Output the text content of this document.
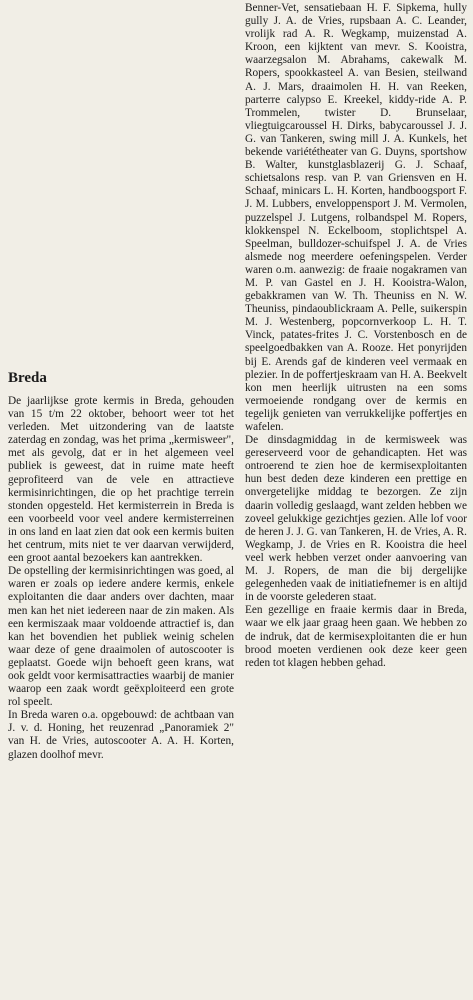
Breda

De jaarlijkse grote kermis in Breda, gehouden van 15 t/m 22 oktober, behoort weer tot het verleden. Met uitzondering van de laatste zaterdag en zondag, was het prima „kermisweer", met als gevolg, dat er in het algemeen veel publiek is geweest, dat in ruime mate heeft geprofiteerd van de vele en attractieve kermisinrichtingen, die op het prachtige terrein stonden opgesteld. Het kermisterrein in Breda is een voorbeeld voor veel andere kermisterreinen in ons land en laat zien dat ook een kermis buiten het centrum, mits niet te ver daarvan verwijderd, een groot aantal bezoekers kan aantrekken.

De opstelling der kermisinrichtingen was goed, al waren er zoals op iedere andere kermis, enkele exploitanten die daar anders over dachten, maar men kan het niet iedereen naar de zin maken. Als een kermiszaak maar voldoende attractief is, dan kan het bovendien het publiek weinig schelen waar deze of gene draaimolen of autoscooter is geplaatst. Goede wijn behoeft geen krans, wat ook geldt voor kermisattracties waarbij de manier waarop een zaak wordt geëxploiteerd een grote rol speelt.

In Breda waren o.a. opgebouwd: de achtbaan van J. v. d. Honing, het reuzenrad „Panoramiek 2" van H. de Vries, autoscooter A. A. H. Korten, glazen doolhof mevr.

Benner-Vet, sensatiebaan H. F. Sipkema, hully gully J. A. de Vries, rupsbaan A. C. Leander, vrolijk rad A. R. Wegkamp, muizenstad A. Kroon, een kijktent van mevr. S. Kooistra, waarzegsalon M. Abrahams, cakewalk M. Ropers, spookkasteel A. van Besien, steilwand A. J. Mars, draaimolen H. H. van Reeken, parterre calypso E. Kreekel, kiddy-ride A. P. Trommelen, twister D. Brunselaar, vliegtuigcaroussel H. Dirks, babycaroussel J. J. G. van Tankeren, swing mill J. A. Kunkels, het bekende variététheater van G. Duyns, sportshow B. Walter, kunstglasblazerij G. J. Schaaf, schietsalons resp. van P. van Griensven en H. Schaaf, minicars L. H. Korten, handboogsport F. J. M. Lubbers, enveloppensport J. M. Vermolen, puzzelspel J. Lutgens, rolbandspel M. Ropers, klokkenspel N. Eckelboom, stoplichtspel A. Speelman, bulldozer-schuifspel J. A. de Vries alsmede nog meerdere oefeningspelen. Verder waren o.m. aanwezig: de fraaie nogakramen van M. P. van Gastel en J. H. Kooistra-Walon, gebakkramen van W. Th. Theuniss en N. W. Theuniss, pindaoublickraam A. Pelle, suikerspin M. J. Westenberg, popcornverkoop L. H. T. Vinck, patates-frites J. C. Vorstenbosch en de speelgoedbakken van A. Rooze. Het ponyrijden bij E. Arends gaf de kinderen veel vermaak en plezier. In de poffertjeskraam van H. A. Beekvelt kon men heerlijk uitrusten na een soms vermoeiende rondgang over de kermis en tegelijk genieten van verrukkelijke poffertjes en wafelen.

De dinsdagmiddag in de kermisweek was gereserveerd voor de gehandicapten. Het was ontroerend te zien hoe de kermisexploitanten hun best deden deze kinderen een prettige en onvergetelijke middag te bezorgen. Ze zijn daarin volledig geslaagd, want zelden hebben we zoveel gelukkige gezichtjes gezien. Alle lof voor de heren J. J. G. van Tankeren, H. de Vries, A. R. Wegkamp, J. de Vries en R. Kooistra die heel veel werk hebben verzet onder aanvoering van M. J. Ropers, de man die bij dergelijke gelegenheden vaak de initiatiefnemer is en altijd in de voorste gelederen staat.

Een gezellige en fraaie kermis daar in Breda, waar we elk jaar graag heen gaan. We hebben zo de indruk, dat de kermisexploitanten die er hun brood moeten verdienen ook deze keer geen reden tot klagen hebben gehad.
